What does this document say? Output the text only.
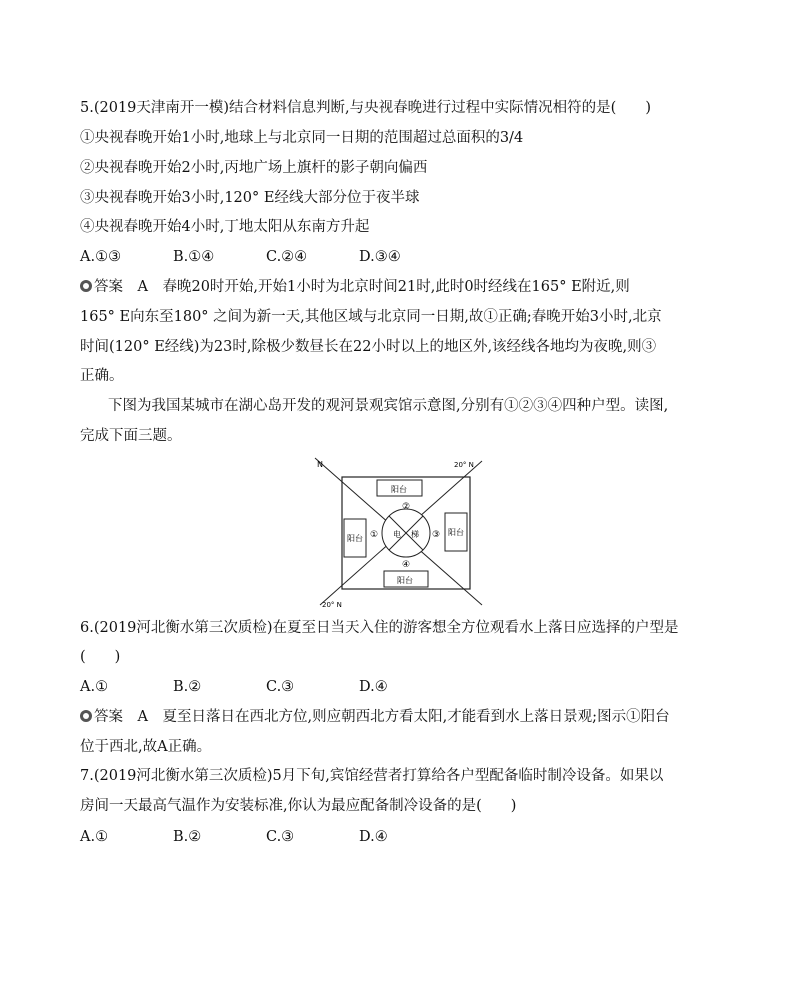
5.(2019天津南开一模)结合材料信息判断,与央视春晚进行过程中实际情况相符的是(　　)
①央视春晚开始1小时,地球上与北京同一日期的范围超过总面积的3/4
②央视春晚开始2小时,丙地广场上旗杆的影子朝向偏西
③央视春晚开始3小时,120° E经线大部分位于夜半球
④央视春晚开始4小时,丁地太阳从东南方升起
A.①③	B.①④	C.②④	D.③④
答案　A　春晚20时开始,开始1小时为北京时间21时,此时0时经线在165° E附近,则
165° E向东至180° 之间为新一天,其他区域与北京同一日期,故①正确;春晚开始3小时,北京
时间(120° E经线)为23时,除极少数昼长在22小时以上的地区外,该经线各地均为夜晚,则③
正确。
下图为我国某城市在湖心岛开发的观河景观宾馆示意图,分别有①②③④四种户型。读图,
完成下面三题。
N	20° N
20° N
阳台
阳台
阳台
阳台
电 梯
①
②
③
④
6.(2019河北衡水第三次质检)在夏至日当天入住的游客想全方位观看水上落日应选择的户型是
(　　)
A.①	B.②	C.③	D.④
答案　A　夏至日落日在西北方位,则应朝西北方看太阳,才能看到水上落日景观;图示①阳台
位于西北,故A正确。
7.(2019河北衡水第三次质检)5月下旬,宾馆经营者打算给各户型配备临时制冷设备。如果以
房间一天最高气温作为安装标准,你认为最应配备制冷设备的是(　　)
A.①	B.②	C.③	D.④
